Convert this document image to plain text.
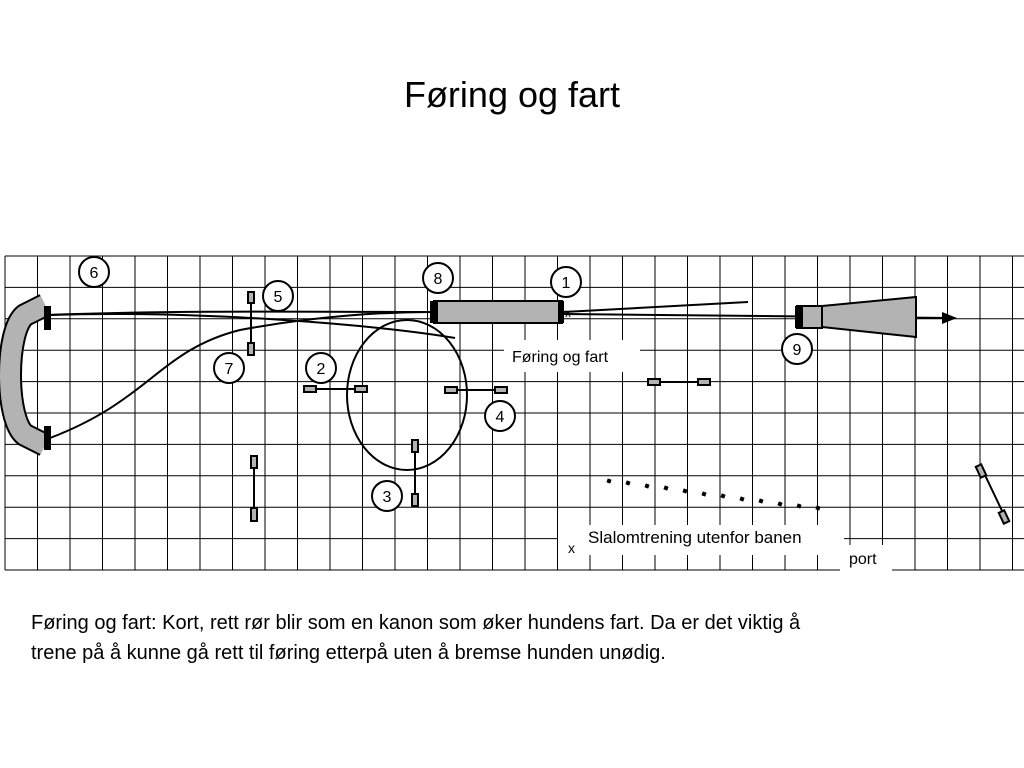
Føring og fart
Føring og fart
x
Slalomtrening utenfor banen
port
x
1
2
3
4
5
6
7
8
9

Føring og fart: Kort, rett rør blir som en kanon som øker hundens fart. Da er det viktig å
trene på å kunne gå rett til føring etterpå uten å bremse hunden unødig.
